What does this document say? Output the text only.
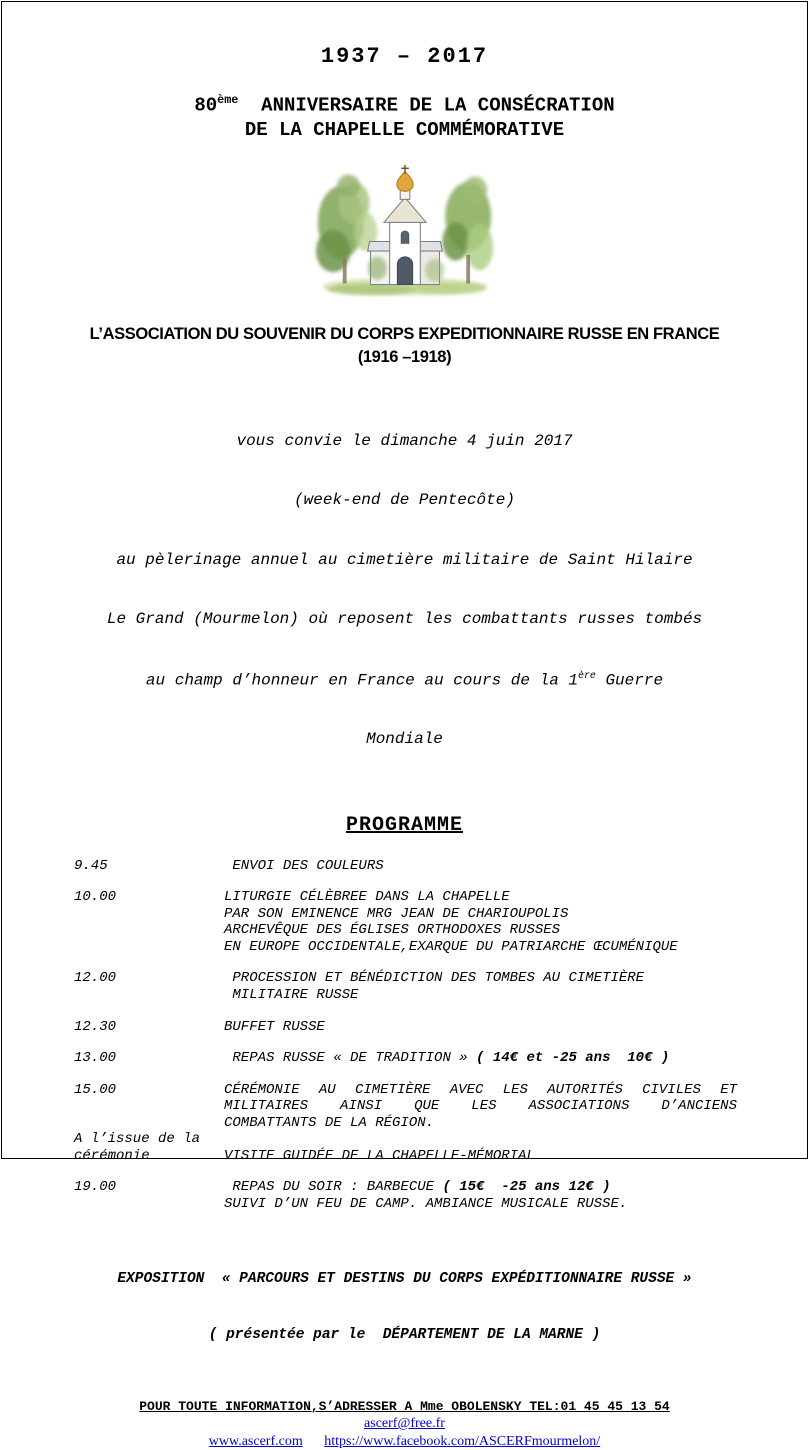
1937 – 2017
80ème  ANNIVERSAIRE DE LA CONSÉCRATION
DE LA CHAPELLE COMMÉMORATIVE
L’ASSOCIATION DU SOUVENIR DU CORPS EXPEDITIONNAIRE RUSSE EN FRANCE
(1916 –1918)

vous convie le dimanche 4 juin 2017

(week-end de Pentecôte)

au pèlerinage annuel au cimetière militaire de Saint Hilaire

Le Grand (Mourmelon) où reposent les combattants russes tombés

au champ d’honneur en France au cours de la 1ère Guerre

Mondiale

PROGRAMME
9.45	ENVOI DES COULEURS
10.00	LITURGIE CÉLÈBREE DANS LA CHAPELLE
PAR SON EMINENCE MRG JEAN DE CHARIOUPOLIS
ARCHEVÊQUE DES ÉGLISES ORTHODOXES RUSSES
EN EUROPE OCCIDENTALE,EXARQUE DU PATRIARCHE ŒCUMÉNIQUE
12.00	PROCESSION ET BÉNÉDICTION DES TOMBES AU CIMETIÈRE
MILITAIRE RUSSE
12.30	BUFFET RUSSE
13.00	REPAS RUSSE « DE TRADITION » ( 14€ et -25 ans  10€ )
15.00	CÉRÉMONIE AU CIMETIÈRE AVEC LES AUTORITÉS CIVILES ET
MILITAIRES AINSI QUE LES ASSOCIATIONS D’ANCIENS
COMBATTANTS DE LA RÉGION.
A l’issue de la
cérémonie	VISITE GUIDÉE DE LA CHAPELLE-MÉMORIAL
19.00	REPAS DU SOIR : BARBECUE ( 15€  -25 ans 12€ )
SUIVI D’UN FEU DE CAMP. AMBIANCE MUSICALE RUSSE.

EXPOSITION  « PARCOURS ET DESTINS DU CORPS EXPÉDITIONNAIRE RUSSE »

( présentée par le  DÉPARTEMENT DE LA MARNE )

POUR TOUTE INFORMATION,S’ADRESSER A Mme OBOLENSKY TEL:01 45 45 13 54
ascerf@free.fr
www.ascerf.com https://www.facebook.com/ASCERFmourmelon/
